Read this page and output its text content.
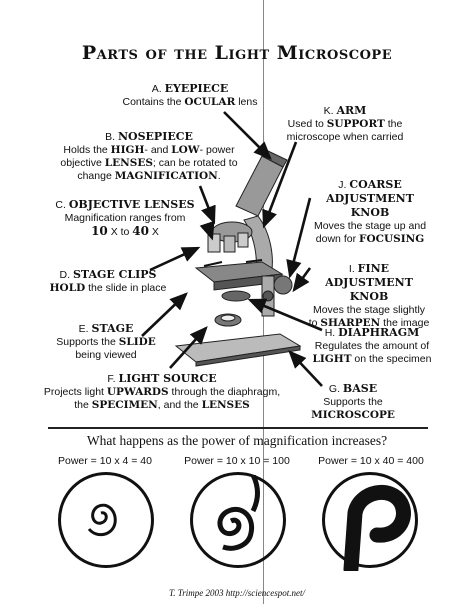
Parts of the Light Microscope
A. EYEPIECE
Contains the OCULAR lens
B. NOSEPIECE
Holds the HIGH- and LOW- power
objective LENSES; can be rotated to
change MAGNIFICATION.
C. OBJECTIVE LENSES
Magnification ranges from
10 X to 40 X
D. STAGE CLIPS
HOLD the slide in place
E. STAGE
Supports the SLIDE
being viewed
F. LIGHT SOURCE
Projects light UPWARDS through the diaphragm,
the SPECIMEN, and the LENSES
K. ARM
Used to SUPPORT the
microscope when carried
J. COARSE ADJUSTMENT
KNOB
Moves the stage up and
down for FOCUSING
I. FINE ADJUSTMENT
KNOB
Moves the stage slightly
to SHARPEN the image
H. DIAPHRAGM
Regulates the amount of
LIGHT on the specimen
G. BASE
Supports the MICROSCOPE
What happens as the power of magnification increases?
Power = 10 x 4 = 40	Power = 10 x 10 = 100	Power = 10 x 40 = 400
T. Trimpe 2003 http://sciencespot.net/
